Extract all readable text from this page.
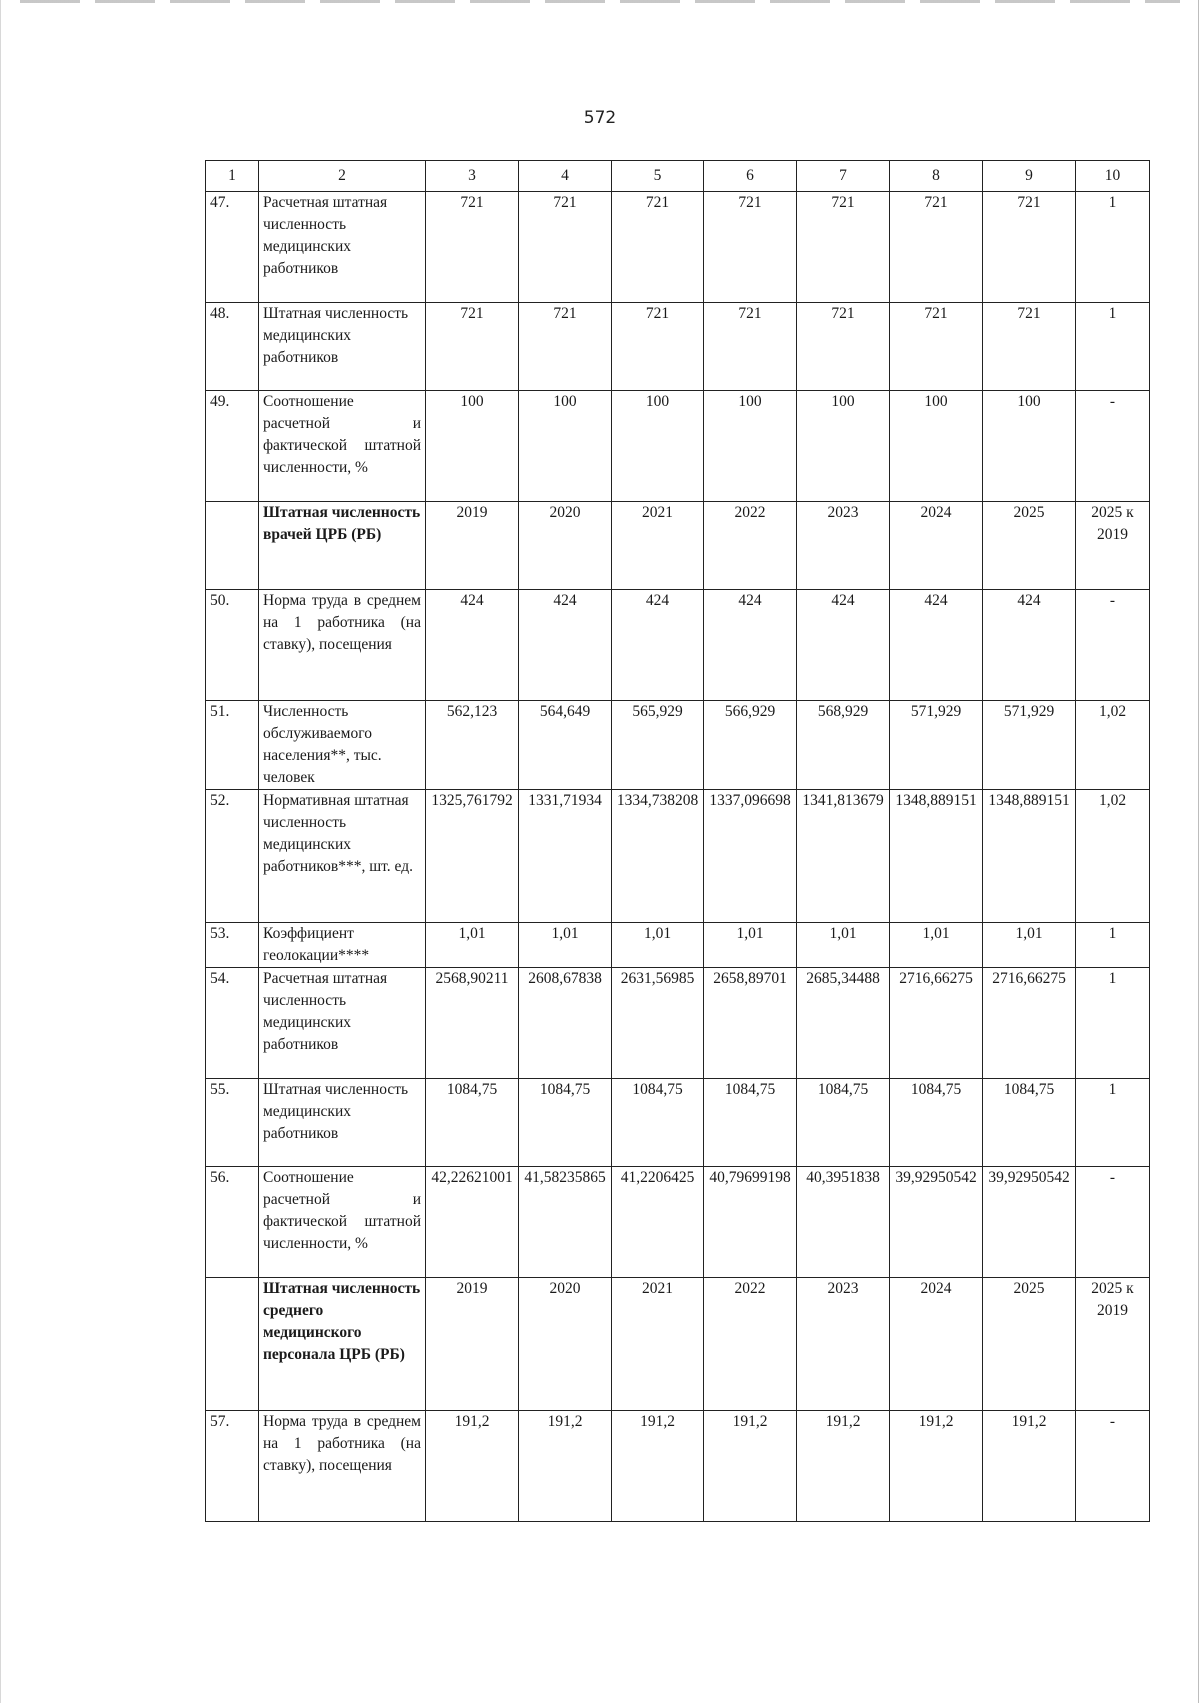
572
1	2	3	4	5	6	7	8	9	10
47.	Расчетная штатная численность медицинских работников	721	721	721	721	721	721	721	1
48.	Штатная численность медицинских работников	721	721	721	721	721	721	721	1
49.	Соотношение расчетной и фактической штатной численности, %	100	100	100	100	100	100	100	-
	Штатная численность врачей ЦРБ (РБ)	2019	2020	2021	2022	2023	2024	2025	2025 к 2019
50.	Норма труда в среднем на 1 работника (на ставку), посещения	424	424	424	424	424	424	424	-
51.	Численность обслуживаемого населения**, тыс. человек	562,123	564,649	565,929	566,929	568,929	571,929	571,929	1,02
52.	Нормативная штатная численность медицинских работников***, шт. ед.	1325,761792	1331,71934	1334,738208	1337,096698	1341,813679	1348,889151	1348,889151	1,02
53.	Коэффициент геолокации****	1,01	1,01	1,01	1,01	1,01	1,01	1,01	1
54.	Расчетная штатная численность медицинских работников	2568,90211	2608,67838	2631,56985	2658,89701	2685,34488	2716,66275	2716,66275	1
55.	Штатная численность медицинских работников	1084,75	1084,75	1084,75	1084,75	1084,75	1084,75	1084,75	1
56.	Соотношение расчетной и фактической штатной численности, %	42,22621001	41,58235865	41,2206425	40,79699198	40,3951838	39,92950542	39,92950542	-
	Штатная численность среднего медицинского персонала ЦРБ (РБ)	2019	2020	2021	2022	2023	2024	2025	2025 к 2019
57.	Норма труда в среднем на 1 работника (на ставку), посещения	191,2	191,2	191,2	191,2	191,2	191,2	191,2	-
